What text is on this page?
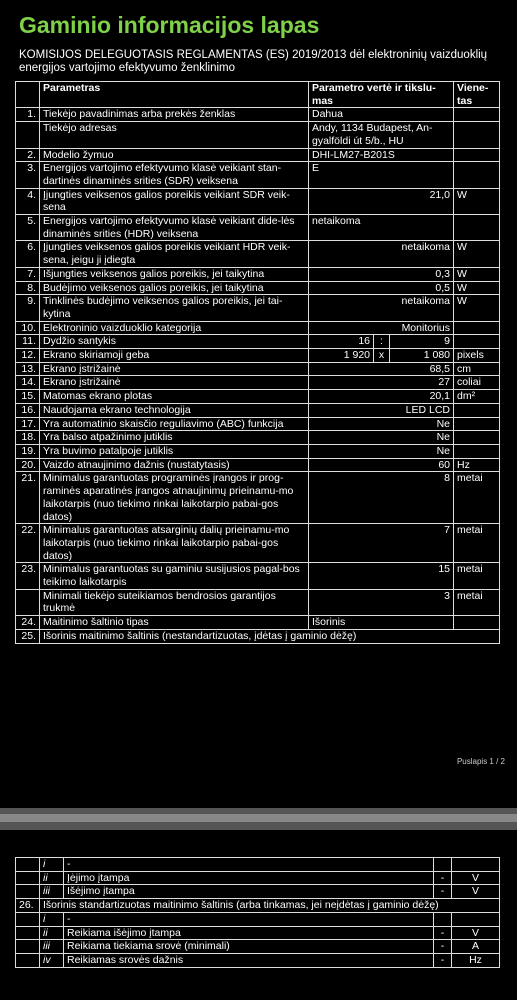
Gaminio informacijos lapas
KOMISIJOS DELEGUOTASIS REGLAMENTAS (ES) 2019/2013 dėl elektroninių vaizduoklių energijos vartojimo efektyvumo ženklinimo
	Parametras	Parametro vertė ir tikslu-mas			Viene-tas
1.	Tiekėjo pavadinimas arba prekės ženklas	Dahua			
	Tiekėjo adresas	Andy, 1134 Budapest, An-gyalföldi út 5/b., HU			
2.	Modelio žymuo	DHI-LM27-B201S			
3.	Energijos vartojimo efektyvumo klasė veikiant stan-dartinės dinaminės srities (SDR) veiksena	E			
4.	Įjungties veiksenos galios poreikis veikiant SDR veik-sena	21,0			W
5.	Energijos vartojimo efektyvumo klasė veikiant dide-lės dinaminės srities (HDR) veiksena	netaikoma			
6.	Įjungties veiksenos galios poreikis veikiant HDR veik-sena, jeigu ji įdiegta	netaikoma			W
7.	Išjungties veiksenos galios poreikis, jei taikytina	0,3			W
8.	Budėjimo veiksenos galios poreikis, jei taikytina	0,5			W
9.	Tinklinės budėjimo veiksenos galios poreikis, jei tai-kytina	netaikoma			W
10.	Elektroninio vaizduoklio kategorija	Monitorius			
11.	Dydžio santykis	16	:	9	
12.	Ekrano skiriamoji geba	1 920	x	1 080	pixels
13.	Ekrano įstrižainė	68,5			cm
14.	Ekrano įstrižainė	27			coliai
15.	Matomas ekrano plotas	20,1			dm²
16.	Naudojama ekrano technologija	LED LCD			
17.	Yra automatinio skaisčio reguliavimo (ABC) funkcija	Ne			
18.	Yra balso atpažinimo jutiklis	Ne			
19.	Yra buvimo patalpoje jutiklis	Ne			
20.	Vaizdo atnaujinimo dažnis (nustatytasis)	60			Hz
21.	Minimalus garantuotas programinės įrangos ir prog-raminės aparatinės įrangos atnaujinimų prieinamu-mo laikotarpis (nuo tiekimo rinkai laikotarpio pabai-gos datos)	8			metai
22.	Minimalus garantuotas atsarginių dalių prieinamu-mo laikotarpis (nuo tiekimo rinkai laikotarpio pabai-gos datos)	7			metai
23.	Minimalus garantuotas su gaminiu susijusios pagal-bos teikimo laikotarpis	15			metai
	Minimali tiekėjo suteikiamos bendrosios garantijos trukmė	3			metai
24.	Maitinimo šaltinio tipas	Išorinis			
25.	Išorinis maitinimo šaltinis (nestandartizuotas, įdėtas į gaminio dėžę)				
Puslapis 1 / 2
	i	-		
	ii	Įėjimo įtampa	-	V
	iii	Išėjimo įtampa	-	V
26.	Išorinis standartizuotas maitinimo šaltinis (arba tinkamas, jei neįdėtas į gaminio dėžę)			
	i	-		
	ii	Reikiama išėjimo įtampa	-	V
	iii	Reikiama tiekiama srovė (minimali)	-	A
	iv	Reikiamas srovės dažnis	-	Hz
